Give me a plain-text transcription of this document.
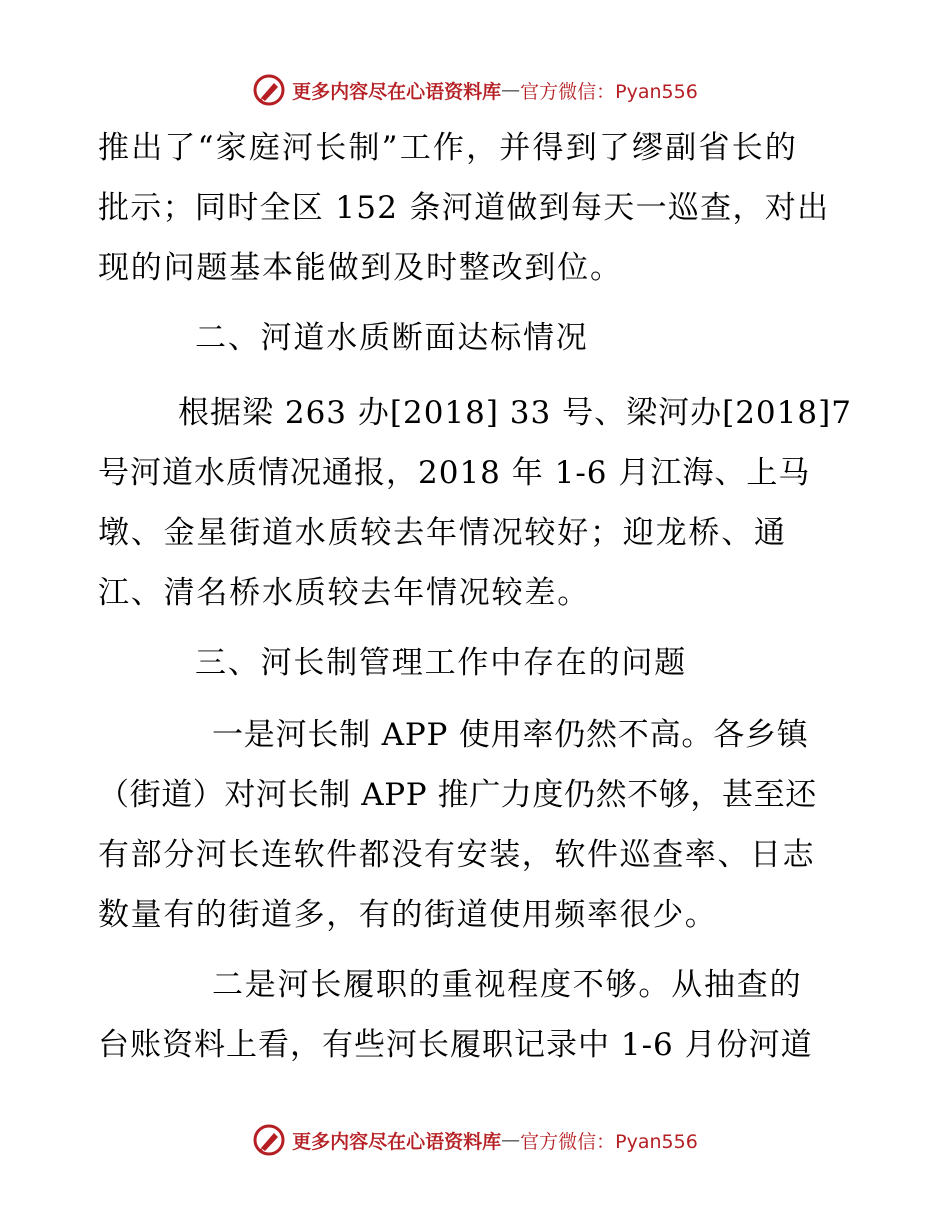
更多内容尽在心语资料库 — 官方微信：Pyan556
推出了“家庭河长制”工作，并得到了缪副省长的
批示；同时全区 152 条河道做到每天一巡查，对出
现的问题基本能做到及时整改到位。
二、河道水质断面达标情况
根据梁 263 办[2018] 33 号、梁河办[2018]7
号河道水质情况通报，2018 年 1-6 月江海、上马
墩、金星街道水质较去年情况较好；迎龙桥、通
江、清名桥水质较去年情况较差。
三、河长制管理工作中存在的问题
一是河长制 APP 使用率仍然不高。各乡镇
（街道）对河长制 APP 推广力度仍然不够，甚至还
有部分河长连软件都没有安装，软件巡查率、日志
数量有的街道多，有的街道使用频率很少。
二是河长履职的重视程度不够。从抽查的
台账资料上看，有些河长履职记录中 1-6 月份河道
更多内容尽在心语资料库 — 官方微信：Pyan556
